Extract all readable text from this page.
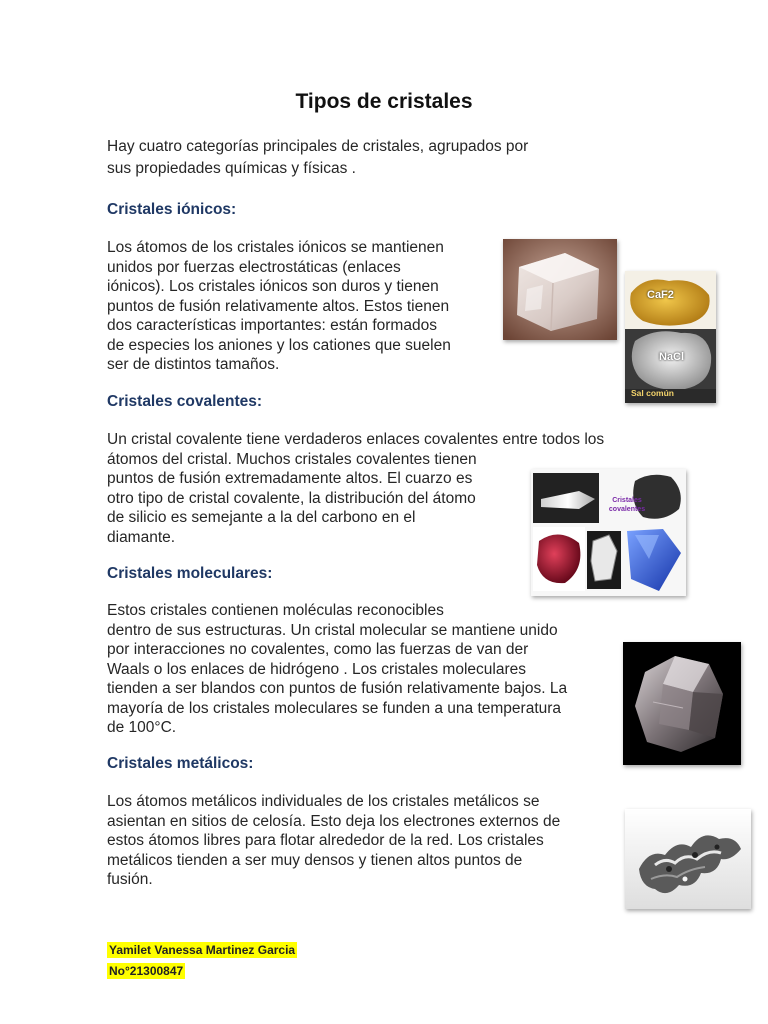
Tipos de cristales
Hay cuatro categorías principales de cristales, agrupados por
sus propiedades químicas y físicas .
Cristales iónicos:
Los átomos de los cristales iónicos se mantienen
unidos por fuerzas electrostáticas (enlaces
iónicos). Los cristales iónicos son duros y tienen
puntos de fusión relativamente altos. Estos tienen
dos características importantes: están formados
de especies los aniones y los cationes que suelen
ser de distintos tamaños.
Cristales covalentes:
Un cristal covalente tiene verdaderos enlaces covalentes entre todos los
átomos del cristal. Muchos cristales covalentes tienen
puntos de fusión extremadamente altos. El cuarzo es
otro tipo de cristal covalente, la distribución del átomo
de silicio es semejante a la del carbono en el
diamante.
Cristales moleculares:
Estos cristales contienen moléculas reconocibles
dentro de sus estructuras. Un cristal molecular se mantiene unido
por interacciones no covalentes, como las fuerzas de van der
Waals o los enlaces de hidrógeno . Los cristales moleculares
tienden a ser blandos con puntos de fusión relativamente bajos. La
mayoría de los cristales moleculares se funden a una temperatura
de 100°C.
Cristales metálicos:
Los átomos metálicos individuales de los cristales metálicos se
asientan en sitios de celosía. Esto deja los electrones externos de
estos átomos libres para flotar alrededor de la red. Los cristales
metálicos tienden a ser muy densos y tienen altos puntos de
fusión.
CaF2
NaCl
Sal común
Cristales
covalentes
Yamilet Vanessa Martinez Garcia
No°21300847
